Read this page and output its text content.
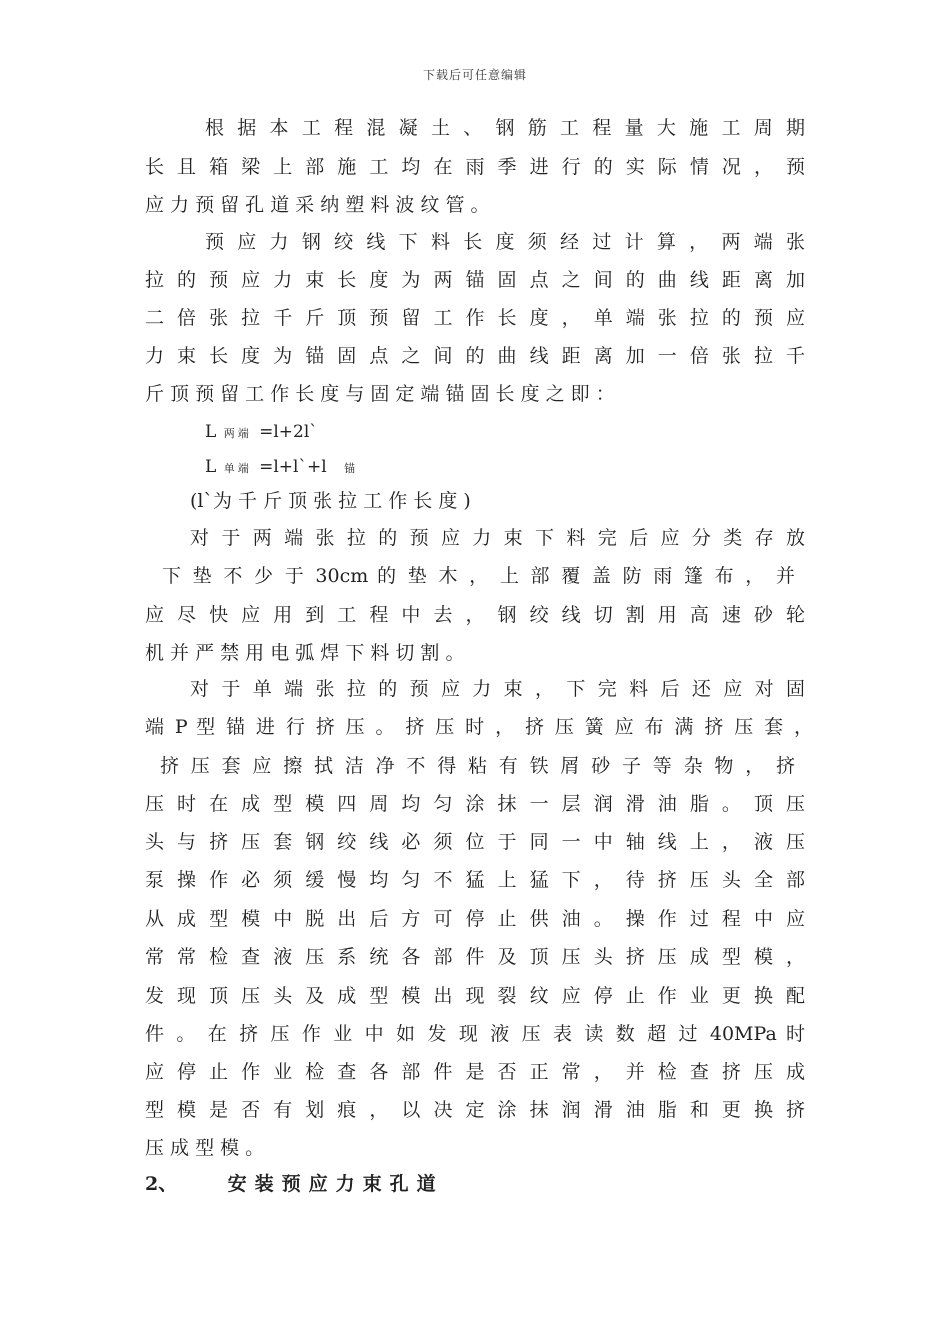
下载后可任意编辑
根 据 本 工 程 混 凝 土 、 钢 筋 工 程 量 大 施 工 周 期
长 且 箱 梁 上 部 施 工 均 在 雨 季 进 行 的 实 际 情 况 ， 预
应 力 预 留 孔 道 采 纳 塑 料 波 纹 管 。
预 应 力 钢 绞 线 下 料 长 度 须 经 过 计 算 ， 两 端 张
拉 的 预 应 力 束 长 度 为 两 锚 固 点 之 间 的 曲 线 距 离 加
二 倍 张 拉 千 斤 顶 预 留 工 作 长 度 ， 单 端 张 拉 的 预 应
力 束 长 度 为 锚 固 点 之 间 的 曲 线 距 离 加 一 倍 张 拉 千
斤 顶 预 留 工 作 长 度 与 固 定 端 锚 固 长 度 之 即 ：
L 两端 =l+2l`
L 单端 =l+l`+l 锚
(l`为 千 斤 顶 张 拉 工 作 长 度 )
对 于 两 端 张 拉 的 预 应 力 束 下 料 完 后 应 分 类 存 放
下 垫 不 少 于 30cm 的 垫 木 ， 上 部 覆 盖 防 雨 篷 布 ， 并
应 尽 快 应 用 到 工 程 中 去 ， 钢 绞 线 切 割 用 高 速 砂 轮
机 并 严 禁 用 电 弧 焊 下 料 切 割 。
对 于 单 端 张 拉 的 预 应 力 束 ， 下 完 料 后 还 应 对 固
端 P 型 锚 进 行 挤 压 。 挤 压 时 ， 挤 压 簧 应 布 满 挤 压 套 ，
挤 压 套 应 擦 拭 洁 净 不 得 粘 有 铁 屑 砂 子 等 杂 物 ， 挤
压 时 在 成 型 模 四 周 均 匀 涂 抹 一 层 润 滑 油 脂 。 顶 压
头 与 挤 压 套 钢 绞 线 必 须 位 于 同 一 中 轴 线 上 ， 液 压
泵 操 作 必 须 缓 慢 均 匀 不 猛 上 猛 下 ， 待 挤 压 头 全 部
从 成 型 模 中 脱 出 后 方 可 停 止 供 油 。 操 作 过 程 中 应
常 常 检 查 液 压 系 统 各 部 件 及 顶 压 头 挤 压 成 型 模 ，
发 现 顶 压 头 及 成 型 模 出 现 裂 纹 应 停 止 作 业 更 换 配
件 。 在 挤 压 作 业 中 如 发 现 液 压 表 读 数 超 过 40MPa 时
应 停 止 作 业 检 查 各 部 件 是 否 正 常 ， 并 检 查 挤 压 成
型 模 是 否 有 划 痕 ， 以 决 定 涂 抹 润 滑 油 脂 和 更 换 挤
压 成 型 模 。
2、	安装预应力束孔道
